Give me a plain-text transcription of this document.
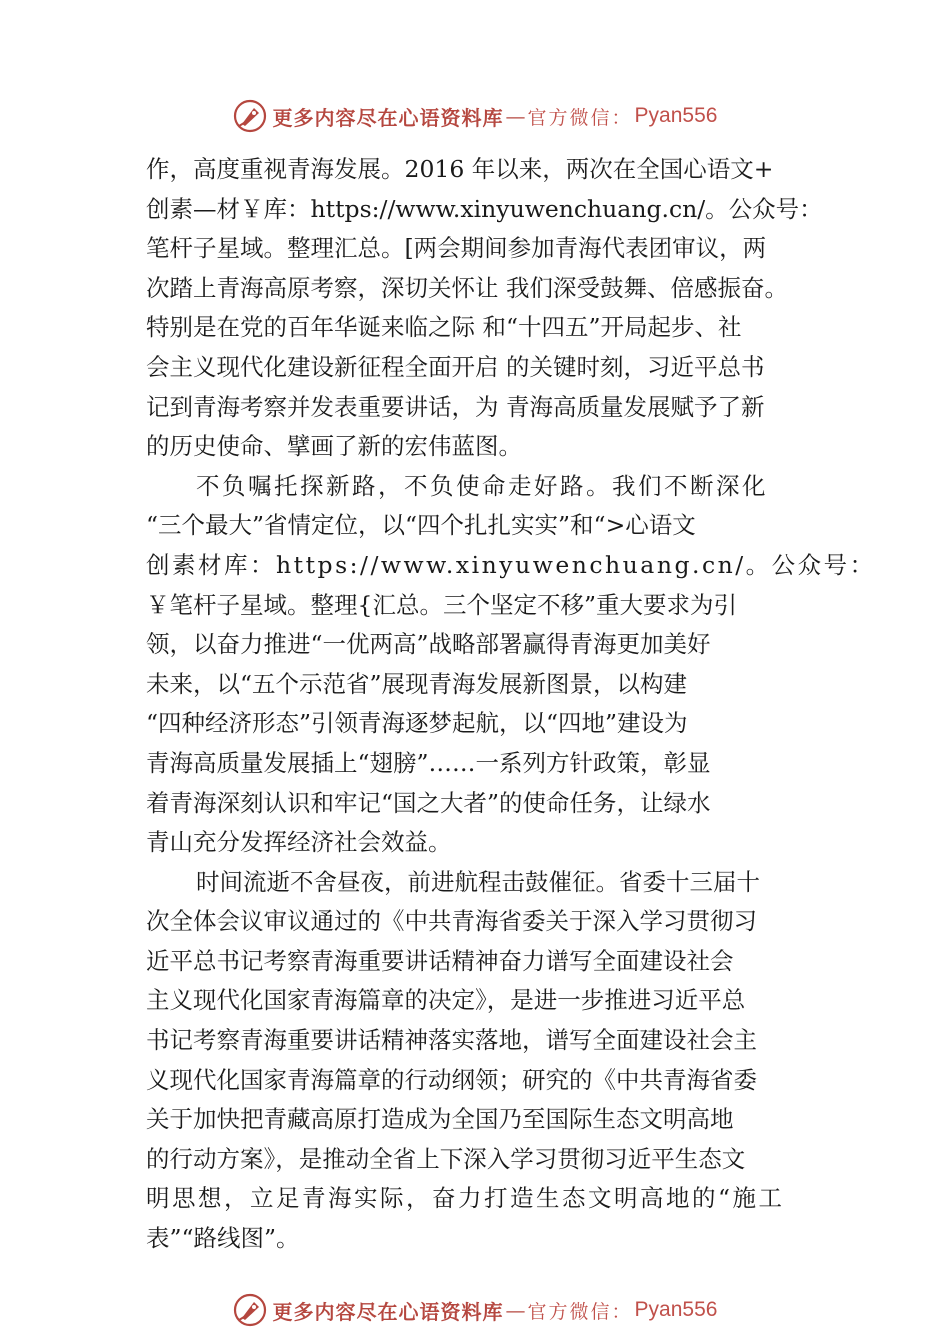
更多内容尽在心语资料库 — 官方微信： Pyan556
作，高度重视青海发展。2016 年以来，两次在全国心语文+
创素—材￥库：https://www.xinyuwenchuang.cn/。公众号：
笔杆子星域。整理汇总。[两会期间参加青海代表团审议，两
次踏上青海高原考察，深切关怀让 我们深受鼓舞、倍感振奋。
特别是在党的百年华诞来临之际 和“十四五”开局起步、社
会主义现代化建设新征程全面开启 的关键时刻，习近平总书
记到青海考察并发表重要讲话，为 青海高质量发展赋予了新
的历史使命、擘画了新的宏伟蓝图。
不负嘱托探新路，不负使命走好路。我们不断深化
“三个最大”省情定位，以“四个扎扎实实”和“>心语文
创素材库：https://www.xinyuwenchuang.cn/。公众号：
￥笔杆子星域。整理{汇总。三个坚定不移”重大要求为引
领，以奋力推进“一优两高”战略部署赢得青海更加美好
未来，以“五个示范省”展现青海发展新图景，以构建
“四种经济形态”引领青海逐梦起航，以“四地”建设为
青海高质量发展插上“翅膀”……一系列方针政策，彰显
着青海深刻认识和牢记“国之大者”的使命任务，让绿水
青山充分发挥经济社会效益。
时间流逝不舍昼夜，前进航程击鼓催征。省委十三届十
次全体会议审议通过的《中共青海省委关于深入学习贯彻习
近平总书记考察青海重要讲话精神奋力谱写全面建设社会
主义现代化国家青海篇章的决定》，是进一步推进习近平总
书记考察青海重要讲话精神落实落地，谱写全面建设社会主
义现代化国家青海篇章的行动纲领；研究的《中共青海省委
关于加快把青藏高原打造成为全国乃至国际生态文明高地
的行动方案》，是推动全省上下深入学习贯彻习近平生态文
明思想，立足青海实际，奋力打造生态文明高地的“施工
表”“路线图”。
更多内容尽在心语资料库 — 官方微信： Pyan556
